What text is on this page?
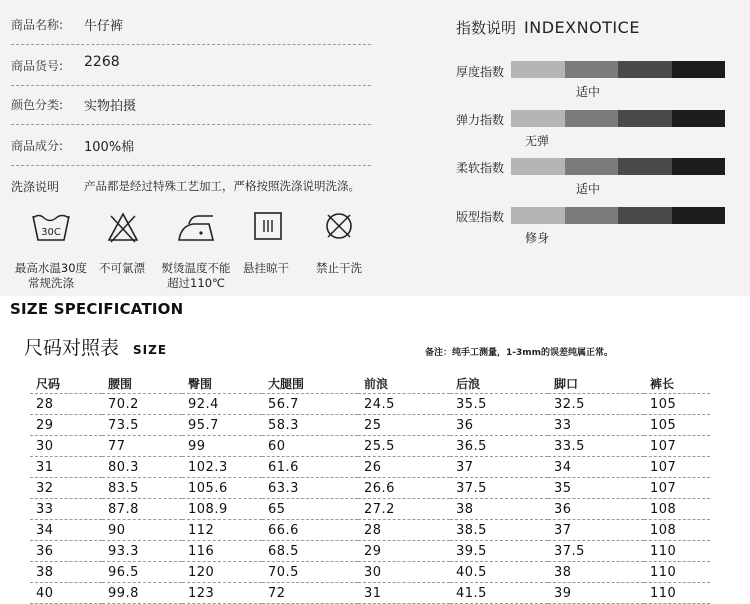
商品名称: 牛仔裤
商品货号: 2268
颜色分类: 实物拍摄
商品成分: 100%棉
洗涤说明 产品都是经过特殊工艺加工，严格按照洗涤说明洗涤。
30C
最高水温30度
常规洗涤
不可氯漂	熨烫温度不能
超过110℃
悬挂晾干	禁止干洗
指数说明 INDEXNOTICE
厚度指数
适中
弹力指数
无弹
柔软指数
适中
版型指数
修身
SIZE SPECIFICATION
尺码对照表 SIZE	备注：纯手工测量，1-3mm的误差纯属正常。
尺码	腰围	臀围	大腿围	前浪	后浪	脚口	裤长
28	70.2	92.4	56.7	24.5	35.5	32.5	105
29	73.5	95.7	58.3	25	36	33	105
30	77	99	60	25.5	36.5	33.5	107
31	80.3	102.3	61.6	26	37	34	107
32	83.5	105.6	63.3	26.6	37.5	35	107
33	87.8	108.9	65	27.2	38	36	108
34	90	112	66.6	28	38.5	37	108
36	93.3	116	68.5	29	39.5	37.5	110
38	96.5	120	70.5	30	40.5	38	110
40	99.8	123	72	31	41.5	39	110
